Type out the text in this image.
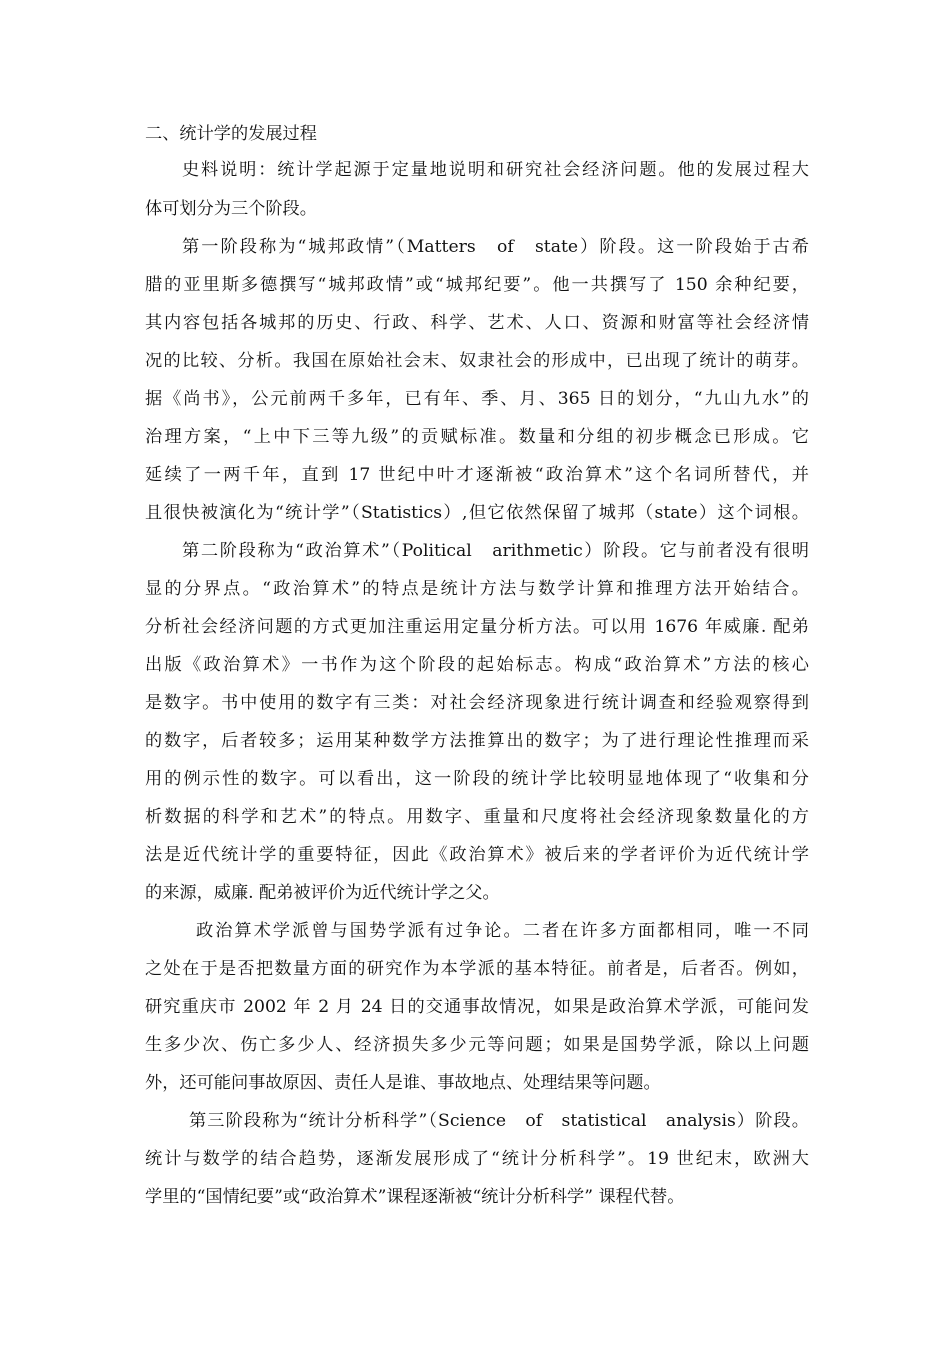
二、统计学的发展过程
史料说明：统计学起源于定量地说明和研究社会经济问题。他的发展过程大
体可划分为三个阶段。
第一阶段称为“城邦政情”（Matters　of　state）阶段。这一阶段始于古希
腊的亚里斯多德撰写“城邦政情”或“城邦纪要”。他一共撰写了 150 余种纪要，
其内容包括各城邦的历史、行政、科学、艺术、人口、资源和财富等社会经济情
况的比较、分析。我国在原始社会末、奴隶社会的形成中，已出现了统计的萌芽。
据《尚书》，公元前两千多年，已有年、季、月、365 日的划分，“九山九水”的
治理方案，“上中下三等九级”的贡赋标准。数量和分组的初步概念已形成。它
延续了一两千年，直到 17 世纪中叶才逐渐被“政治算术”这个名词所替代，并
且很快被演化为“统计学”（Statistics）,但它依然保留了城邦（state）这个词根。
第二阶段称为“政治算术”（Political　arithmetic）阶段。它与前者没有很明
显的分界点。“政治算术”的特点是统计方法与数学计算和推理方法开始结合。
分析社会经济问题的方式更加注重运用定量分析方法。可以用 1676 年威廉. 配弟
出版《政治算术》一书作为这个阶段的起始标志。构成“政治算术”方法的核心
是数字。书中使用的数字有三类：对社会经济现象进行统计调查和经验观察得到
的数字，后者较多；运用某种数学方法推算出的数字；为了进行理论性推理而采
用的例示性的数字。可以看出，这一阶段的统计学比较明显地体现了“收集和分
析数据的科学和艺术”的特点。用数字、重量和尺度将社会经济现象数量化的方
法是近代统计学的重要特征，因此《政治算术》被后来的学者评价为近代统计学
的来源，威廉. 配弟被评价为近代统计学之父。
政治算术学派曾与国势学派有过争论。二者在许多方面都相同，唯一不同
之处在于是否把数量方面的研究作为本学派的基本特征。前者是，后者否。例如，
研究重庆市 2002 年 2 月 24 日的交通事故情况，如果是政治算术学派，可能问发
生多少次、伤亡多少人、经济损失多少元等问题；如果是国势学派，除以上问题
外，还可能问事故原因、责任人是谁、事故地点、处理结果等问题。
第三阶段称为“统计分析科学”（Science　of　statistical　analysis）阶段。
统计与数学的结合趋势，逐渐发展形成了“统计分析科学”。19 世纪末，欧洲大
学里的“国情纪要”或“政治算术”课程逐渐被“统计分析科学” 课程代替。
